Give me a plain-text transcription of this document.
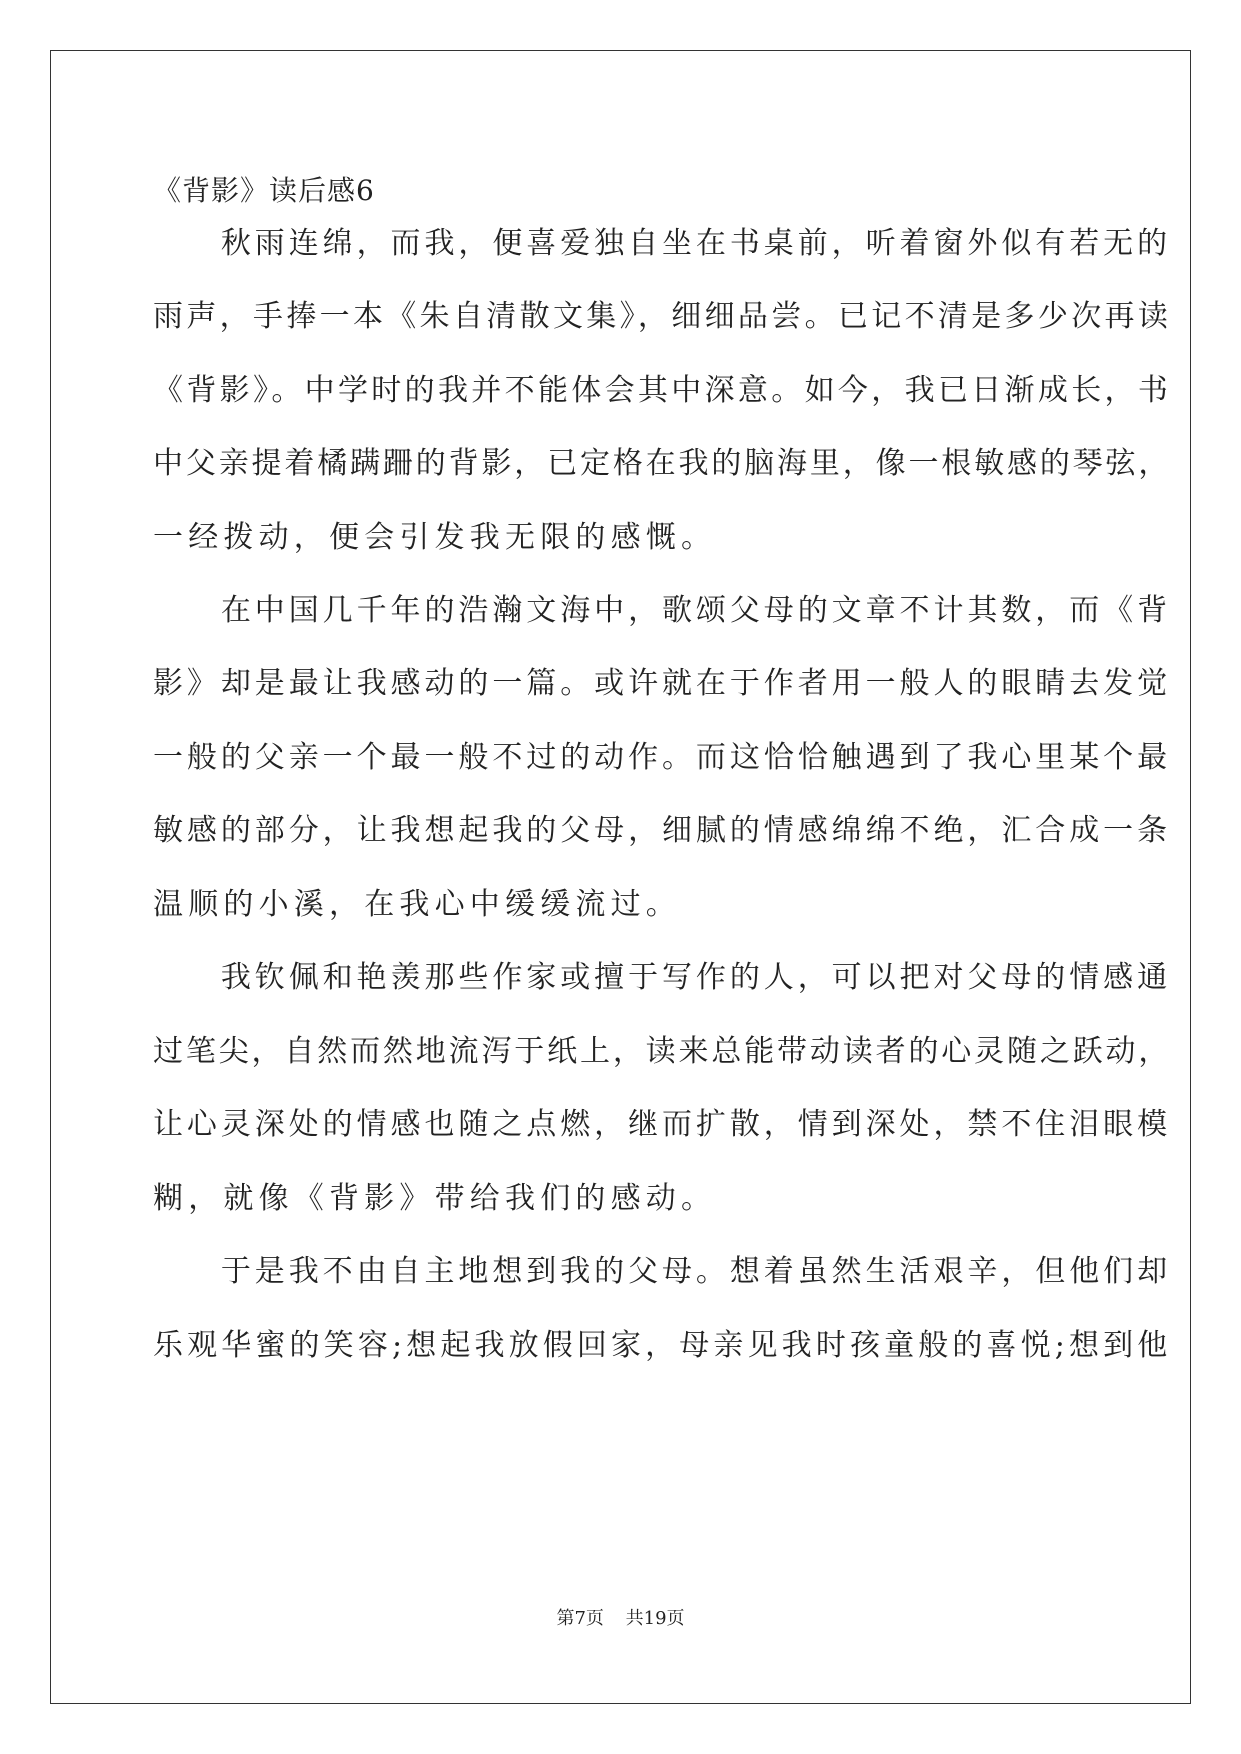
《背影》读后感6
　　秋雨连绵，而我，便喜爱独自坐在书桌前，听着窗外似有若无的
雨声，手捧一本《朱自清散文集》，细细品尝。已记不清是多少次再读
《背影》。中学时的我并不能体会其中深意。如今，我已日渐成长，书
中父亲提着橘蹒跚的背影，已定格在我的脑海里，像一根敏感的琴弦，
一经拨动，便会引发我无限的感慨。
　　在中国几千年的浩瀚文海中，歌颂父母的文章不计其数，而《背
影》却是最让我感动的一篇。或许就在于作者用一般人的眼睛去发觉
一般的父亲一个最一般不过的动作。而这恰恰触遇到了我心里某个最
敏感的部分，让我想起我的父母，细腻的情感绵绵不绝，汇合成一条
温顺的小溪，在我心中缓缓流过。
　　我钦佩和艳羡那些作家或擅于写作的人，可以把对父母的情感通
过笔尖，自然而然地流泻于纸上，读来总能带动读者的心灵随之跃动，
让心灵深处的情感也随之点燃，继而扩散，情到深处，禁不住泪眼模
糊，就像《背影》带给我们的感动。
　　于是我不由自主地想到我的父母。想着虽然生活艰辛，但他们却
乐观华蜜的笑容;想起我放假回家，母亲见我时孩童般的喜悦;想到他
第7页 共19页
